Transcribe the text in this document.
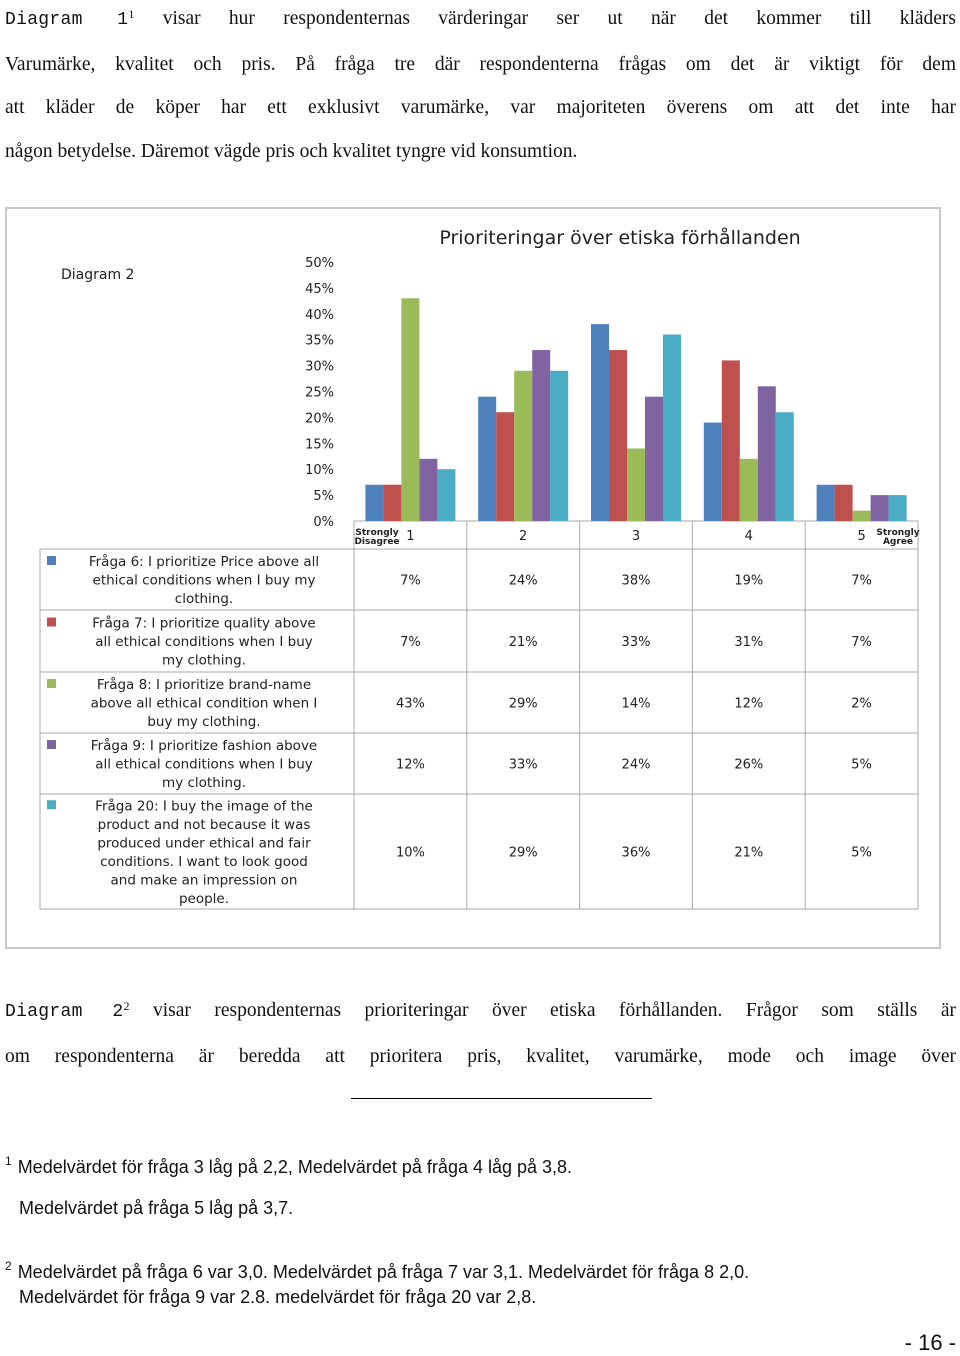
Diagram $1^1$ visar hur respondenternas värderingar ser ut när det kommer till kläders
Varumärke, kvalitet och pris. På fråga tre där respondenterna frågas om det är viktigt för dem
att kläder de köper har ett exklusivt varumärke, var majoriteten överens om att det inte har
någon betydelse. Däremot vägde pris och kvalitet tyngre vid konsumtion.
Prioriteringar över etiska förhållanden
Diagram 2
0%
5%
10%
15%
20%
25%
30%
35%
40%
45%
50%
1	2	3	4	5
Strongly
Disagree
Strongly
Agree
Fråga 6: I prioritize Price above all
ethical conditions when I buy my
clothing.
7%	24%	38%	19%	7%
Fråga 7: I prioritize quality above
all ethical conditions when I buy
my clothing.
7%	21%	33%	31%	7%
Fråga 8: I prioritize brand-name
above all ethical condition when I
buy my clothing.
43%	29%	14%	12%	2%
Fråga 9: I prioritize fashion above
all ethical conditions when I buy
my clothing.
12%	33%	24%	26%	5%
Fråga 20: I buy the image of the
product and not because it was
produced under ethical and fair
conditions. I want to look good
and make an impression on
people.
10%	29%	36%	21%	5%
Diagram $2^2$ visar respondenternas prioriteringar över etiska förhållanden. Frågor som ställs är
om respondenterna är beredda att prioritera pris, kvalitet, varumärke, mode och image över
$^1$ Medelvärdet för fråga 3 låg på 2,2, Medelvärdet på fråga 4 låg på 3,8.
Medelvärdet på fråga 5 låg på 3,7.
$^2$ Medelvärdet på fråga 6 var 3,0. Medelvärdet på fråga 7 var 3,1. Medelvärdet för fråga 8 2,0.
Medelvärdet för fråga 9 var 2.8. medelvärdet för fråga 20 var 2,8.
- 16 -
